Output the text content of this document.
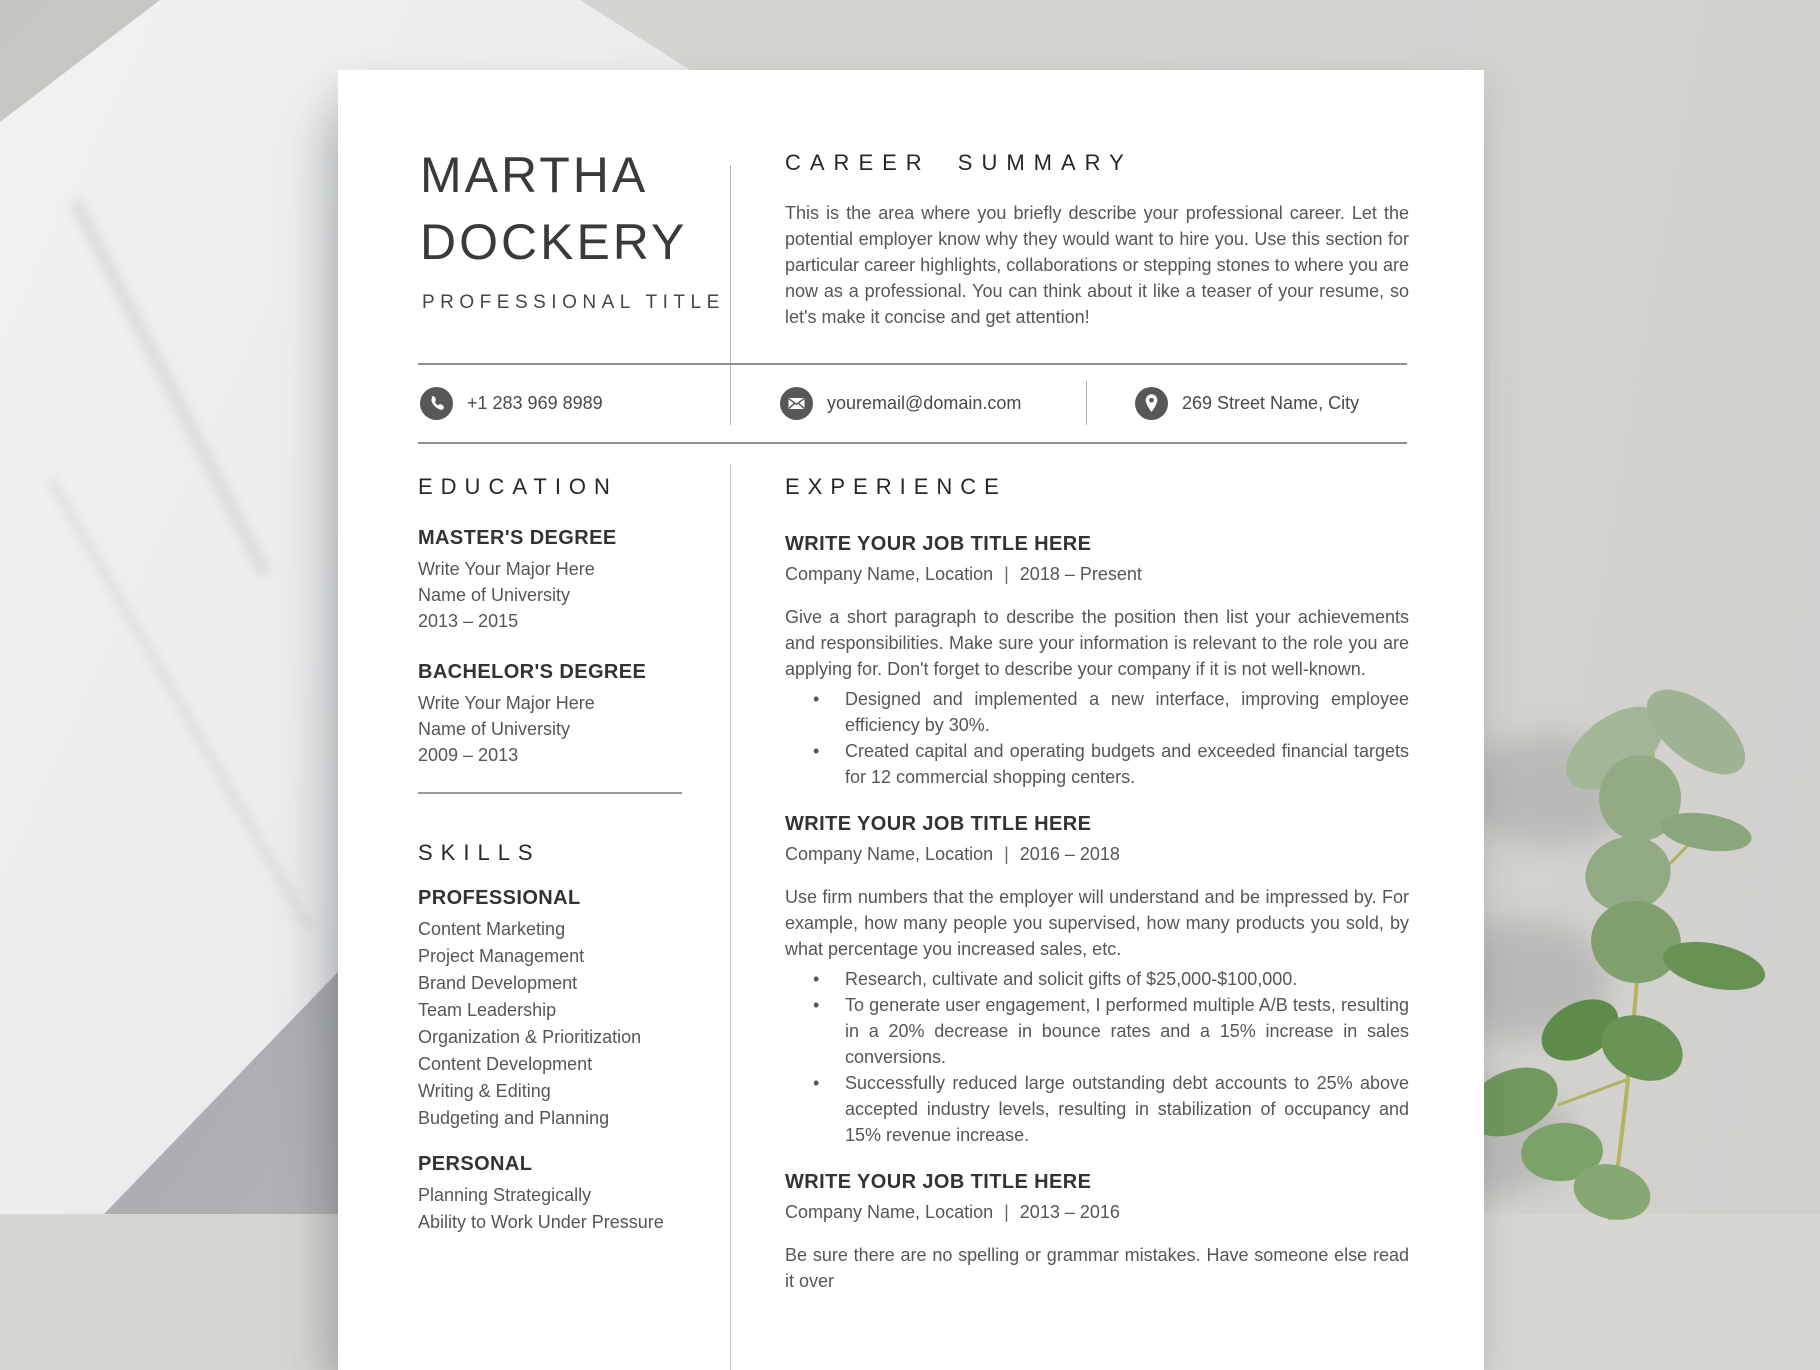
MARTHA
DOCKERY
PROFESSIONAL TITLE
CAREER SUMMARY

This is the area where you briefly describe your professional career. Let the potential employer know why they would want to hire you. Use this section for particular career highlights, collaborations or stepping stones to where you are now as a professional. You can think about it like a teaser of your resume, so let's make it concise and get attention!

+1 283 969 8989	youremail@domain.com	269 Street Name, City
EDUCATION
MASTER'S DEGREE
Write Your Major Here
Name of University
2013 – 2015
BACHELOR'S DEGREE
Write Your Major Here
Name of University
2009 – 2013
SKILLS
PROFESSIONAL
Content Marketing
Project Management
Brand Development
Team Leadership
Organization & Prioritization
Content Development
Writing & Editing
Budgeting and Planning
PERSONAL
Planning Strategically
Ability to Work Under Pressure
EXPERIENCE
WRITE YOUR JOB TITLE HERE
Company Name, Location | 2018 – Present

Give a short paragraph to describe the position then list your achievements and responsibilities. Make sure your information is relevant to the role you are applying for. Don't forget to describe your company if it is not well-known.

• Designed and implemented a new interface, improving employee efficiency by 30%.
• Created capital and operating budgets and exceeded financial targets for 12 commercial shopping centers.
WRITE YOUR JOB TITLE HERE
Company Name, Location | 2016 – 2018

Use firm numbers that the employer will understand and be impressed by. For example, how many people you supervised, how many products you sold, by what percentage you increased sales, etc.

• Research, cultivate and solicit gifts of $25,000-$100,000.
• To generate user engagement, I performed multiple A/B tests, resulting in a 20% decrease in bounce rates and a 15% increase in sales conversions.
• Successfully reduced large outstanding debt accounts to 25% above accepted industry levels, resulting in stabilization of occupancy and 15% revenue increase.
WRITE YOUR JOB TITLE HERE
Company Name, Location | 2013 – 2016

Be sure there are no spelling or grammar mistakes. Have someone else read it over
